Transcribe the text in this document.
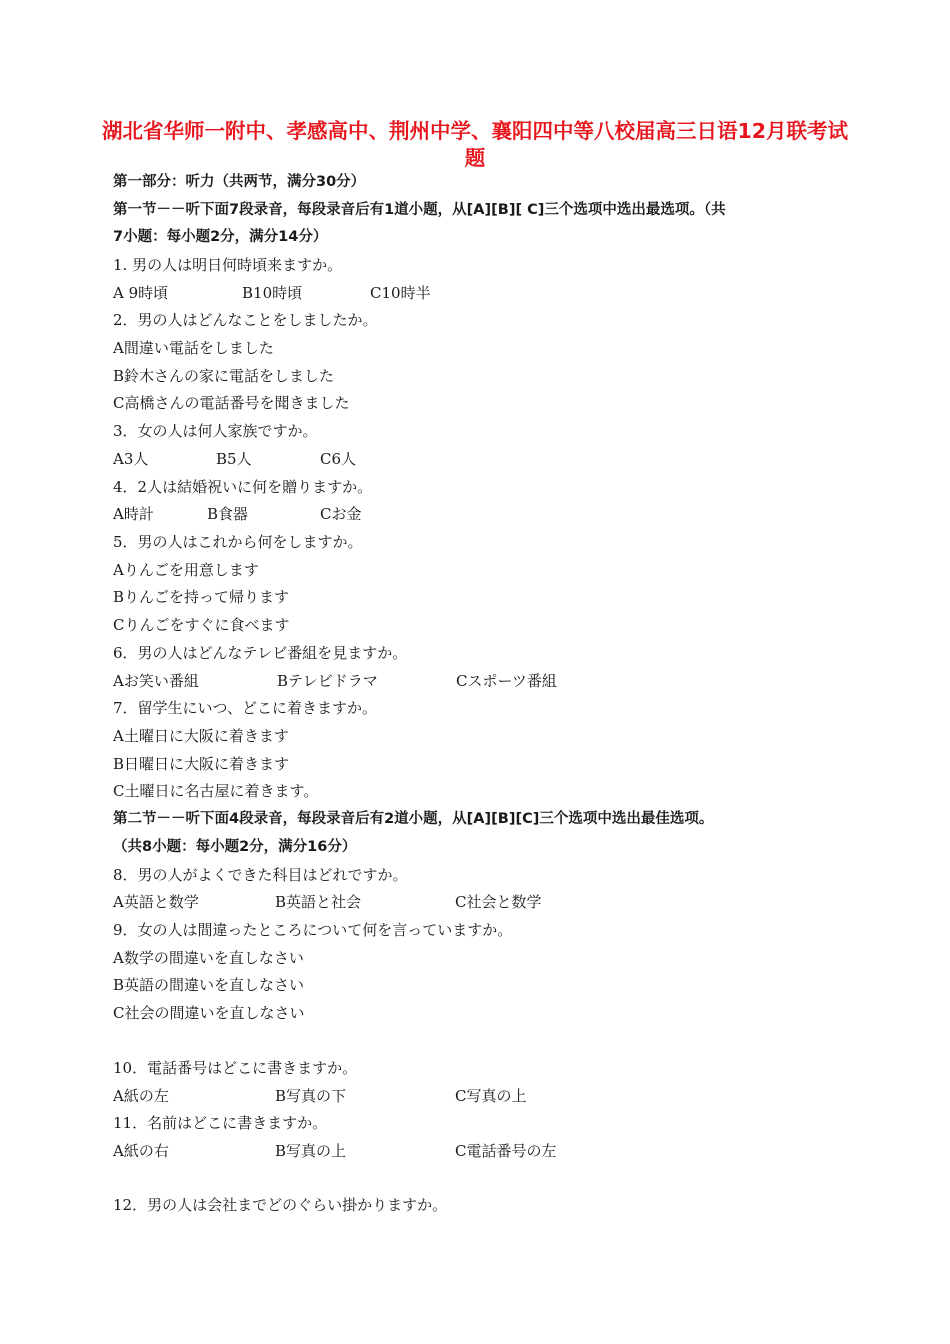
湖北省华师一附中、孝感高中、荆州中学、襄阳四中等八校届高三日语12月联考试题
第一部分：听力（共两节，满分30分）
第一节－－听下面7段录音，每段录音后有1道小题，从[A][B][ C]三个选项中选出最选项。（共
7小题：每小题2分，满分14分）
1. 男の人は明日何時頃来ますか。
A 9時頃	B10時頃	C10時半
2．男の人はどんなことをしましたか。
A間違い電話をしました
B鈴木さんの家に電話をしました
C高橋さんの電話番号を聞きました
3．女の人は何人家族ですか。
A3人	B5人	C6人
4．2人は結婚祝いに何を贈りますか。
A時計	B食器	Cお金
5．男の人はこれから何をしますか。
Aりんごを用意します
Bりんごを持って帰ります
Cりんごをすぐに食べます
6．男の人はどんなテレビ番組を見ますか。
Aお笑い番組	Bテレビドラマ	Cスポーツ番組
7．留学生にいつ、どこに着きますか。
A土曜日に大阪に着きます
B日曜日に大阪に着きます
C土曜日に名古屋に着きます。
第二节－－听下面4段录音，每段录音后有2道小题，从[A][B][C]三个选项中选出最佳选项。
（共8小题：每小题2分，满分16分）
8．男の人がよくできた科目はどれですか。
A英語と数学	B英語と社会	C社会と数学
9．女の人は間違ったところについて何を言っていますか。
A数学の間違いを直しなさい
B英語の間違いを直しなさい
C社会の間違いを直しなさい
10．電話番号はどこに書きますか。
A紙の左	B写真の下	C写真の上
11．名前はどこに書きますか。
A紙の右	B写真の上	C電話番号の左
12．男の人は会社までどのぐらい掛かりますか。
